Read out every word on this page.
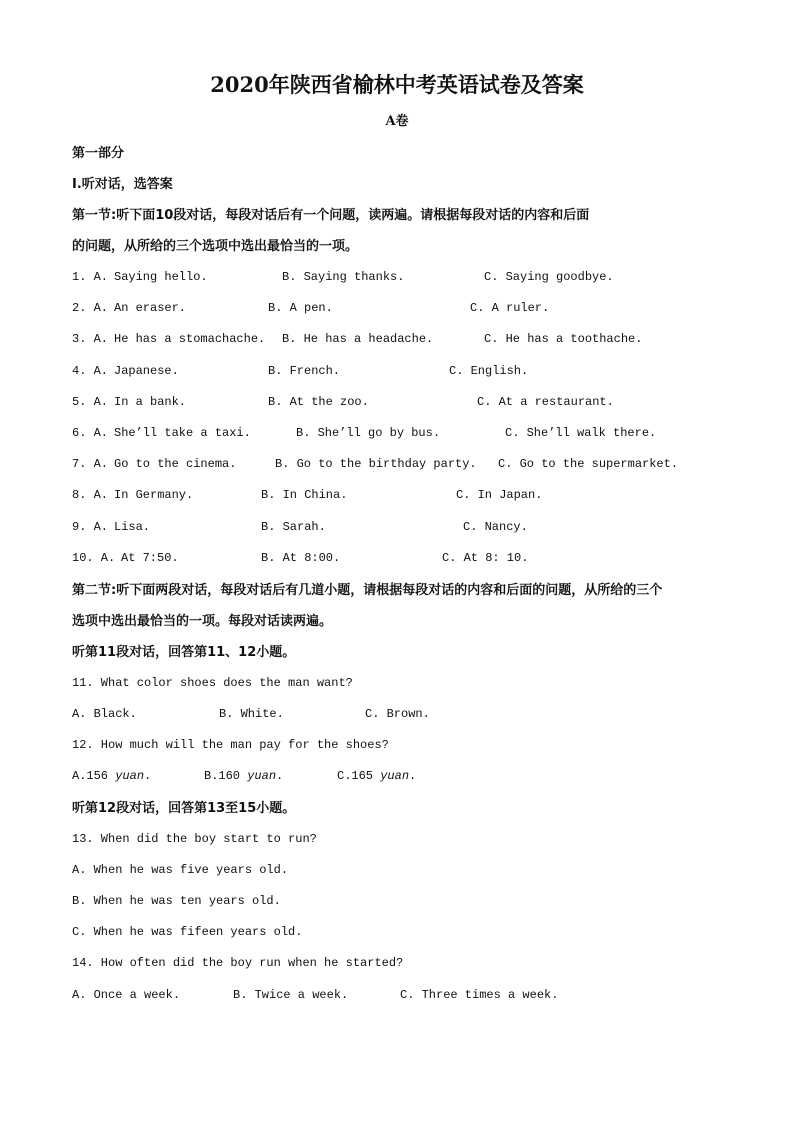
2020年陕西省榆林中考英语试卷及答案
A卷
第一部分
I.听对话，选答案
第一节:听下面10段对话，每段对话后有一个问题，读两遍。请根据每段对话的内容和后面
的问题，从所给的三个选项中选出最恰当的一项。
1. A. Saying hello.	B. Saying thanks.	C. Saying goodbye.
2. A. An eraser.	B. A pen.	C. A ruler.
3. A. He has a stomachache. B. He has a headache.	C. He has a toothache.
4. A. Japanese.	B. French.	C. English.
5. A. In a bank.	B. At the zoo.	C. At a restaurant.
6. A. She’ll take a taxi.	B. She’ll go by bus.	C. She’ll walk there.
7. A. Go to the cinema.	B. Go to the birthday party. C. Go to the supermarket.
8. A. In Germany.	B. In China.	C. In Japan.
9. A. Lisa.	B. Sarah.	C. Nancy.
10. A. At 7:50.	B. At 8:00.	C. At 8: 10.
第二节:听下面两段对话，每段对话后有几道小题，请根据每段对话的内容和后面的问题，从所给的三个
选项中选出最恰当的一项。每段对话读两遍。
听第11段对话，回答第11、12小题。
11. What color shoes does the man want?
A. Black.	B. White.	C. Brown.
12. How much will the man pay for the shoes?
A.156 yuan.	B.160 yuan.	C.165 yuan.
听第12段对话，回答第13至15小题。
13. When did the boy start to run?
A. When he was five years old.
B. When he was ten years old.
C. When he was fifeen years old.
14. How often did the boy run when he started?
A. Once a week.	B. Twice a week.	C. Three times a week.
